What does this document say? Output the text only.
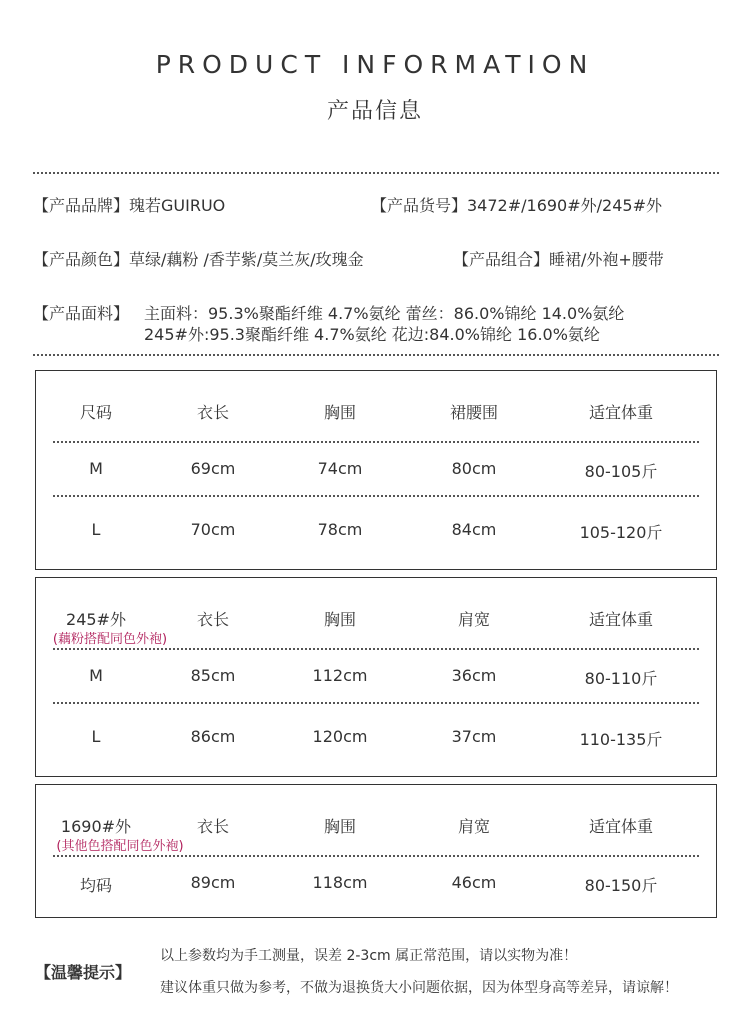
PRODUCT INFORMATION
产品信息
【产品品牌】瑰若GUIRUO	【产品货号】3472#/1690#外/245#外
【产品颜色】草绿/藕粉 /香芋紫/莫兰灰/玫瑰金	【产品组合】睡裙/外袍+腰带
【产品面料】 主面料：95.3%聚酯纤维 4.7%氨纶 蕾丝：86.0%锦纶 14.0%氨纶
245#外:95.3聚酯纤维 4.7%氨纶 花边:84.0%锦纶 16.0%氨纶
尺码	衣长	胸围	裙腰围	适宜体重
M	69cm	74cm	80cm	80-105斤
L	70cm	78cm	84cm	105-120斤
245#外
(藕粉搭配同色外袍)
衣长	胸围	肩宽	适宜体重
M	85cm	112cm	36cm	80-110斤
L	86cm	120cm	37cm	110-135斤
1690#外
(其他色搭配同色外袍)
衣长	胸围	肩宽	适宜体重
均码	89cm	118cm	46cm	80-150斤
【温馨提示】
以上参数均为手工测量，误差 2-3cm 属正常范围，请以实物为准！
建议体重只做为参考，不做为退换货大小问题依据，因为体型身高等差异，请谅解！
